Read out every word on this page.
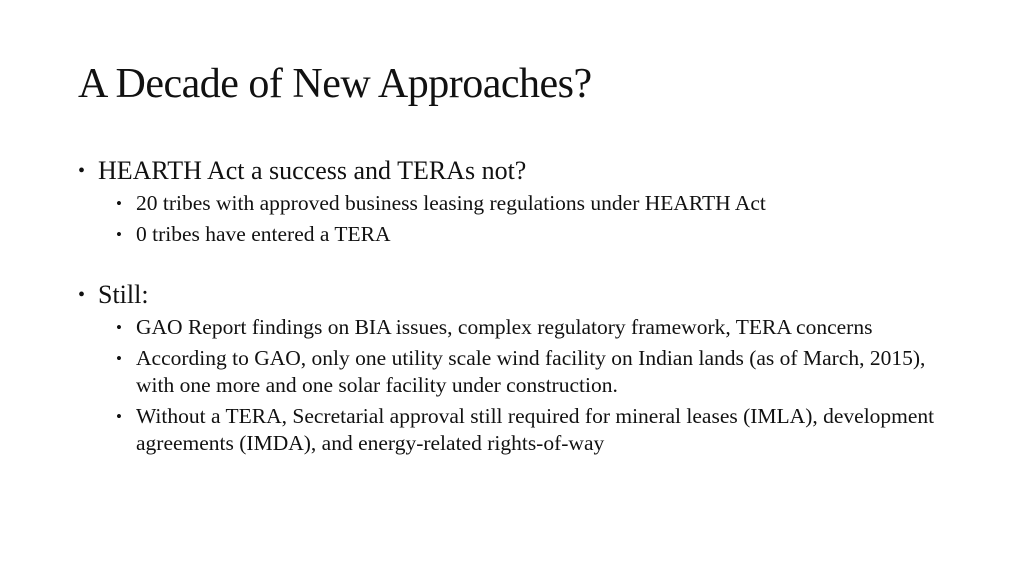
A Decade of New Approaches?
• HEARTH Act a success and TERAs not?
• 20 tribes with approved business leasing regulations under HEARTH Act
• 0 tribes have entered a TERA
• Still:
• GAO Report findings on BIA issues, complex regulatory framework, TERA concerns
• According to GAO, only one utility scale wind facility on Indian lands (as of March, 2015), with one more and one solar facility under construction.
• Without a TERA, Secretarial approval still required for mineral leases (IMLA), development agreements (IMDA), and energy-related rights-of-way
